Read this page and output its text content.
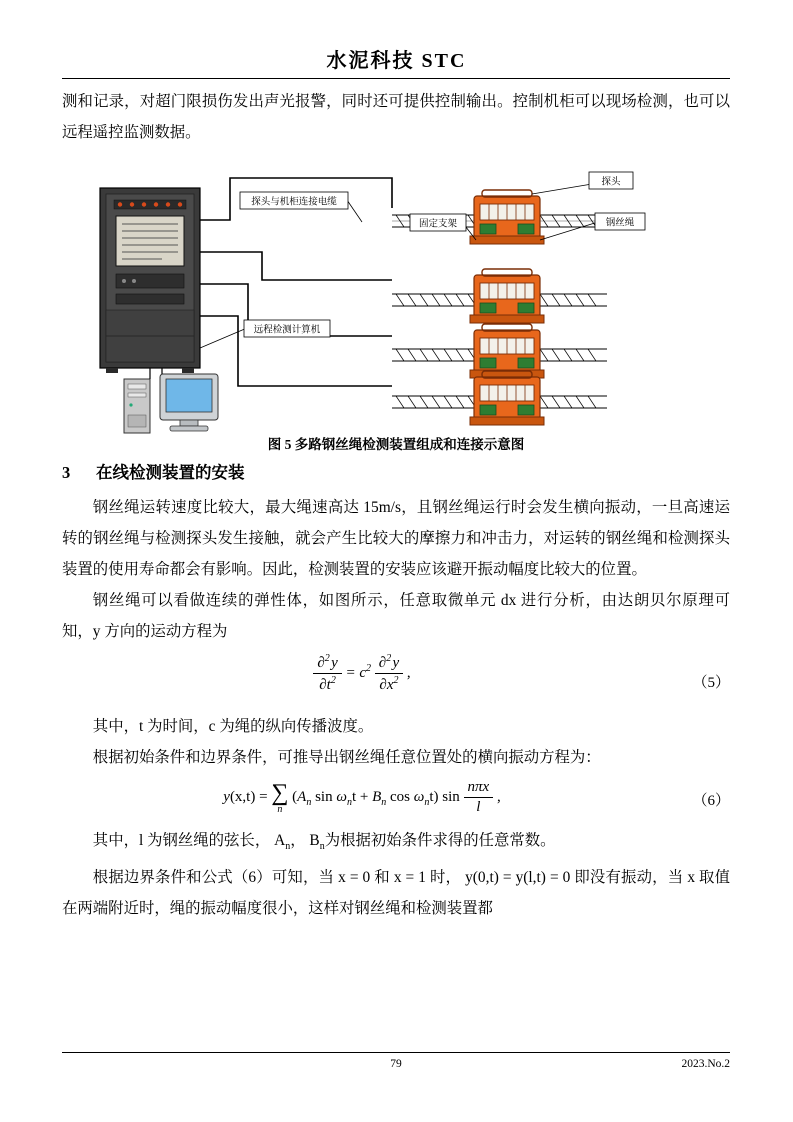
水泥科技 STC

测和记录，对超门限损伤发出声光报警，同时还可提供控制输出。控制机柜可以现场检测，也可以远程遥控监测数据。

探头
钢丝绳
探头与机柜连接电缆
固定支架
远程检测计算机
图 5 多路钢丝绳检测装置组成和连接示意图
3 在线检测装置的安装

钢丝绳运转速度比较大，最大绳速高达 15m/s，且钢丝绳运行时会发生横向振动，一旦高速运转的钢丝绳与检测探头发生接触，就会产生比较大的摩擦力和冲击力，对运转的钢丝绳和检测探头装置的使用寿命都会有影响。因此，检测装置的安装应该避开振动幅度比较大的位置。

钢丝绳可以看做连续的弹性体，如图所示，任意取微单元 dx 进行分析，由达朗贝尔原理可知，y 方向的运动方程为

$\frac{\partial^2 y}{\partial t^2} = c^2 \frac{\partial^2 y}{\partial x^2}$ ,
（5）

其中，t 为时间，c 为绳的纵向传播波度。

根据初始条件和边界条件，可推导出钢丝绳任意位置处的横向振动方程为：

y(x,t) = ∑
n
($A_n$ $\sin \omega_nt + B_n$ $\cos \omega_nt$) $\sin \frac{\text{nπx}}{l}$ ,	（6）

其中，l 为钢丝绳的弦长， $A_n$， $B_n$为根据初始条件求得的任意常数。

根据边界条件和公式（6）可知，当 x = 0 和 x = 1 时， y(0,t) = y(l,t) = 0 即没有振动，当 x 取值在两端附近时，绳的振动幅度很小，这样对钢丝绳和检测装置都

79	2023.No.2
